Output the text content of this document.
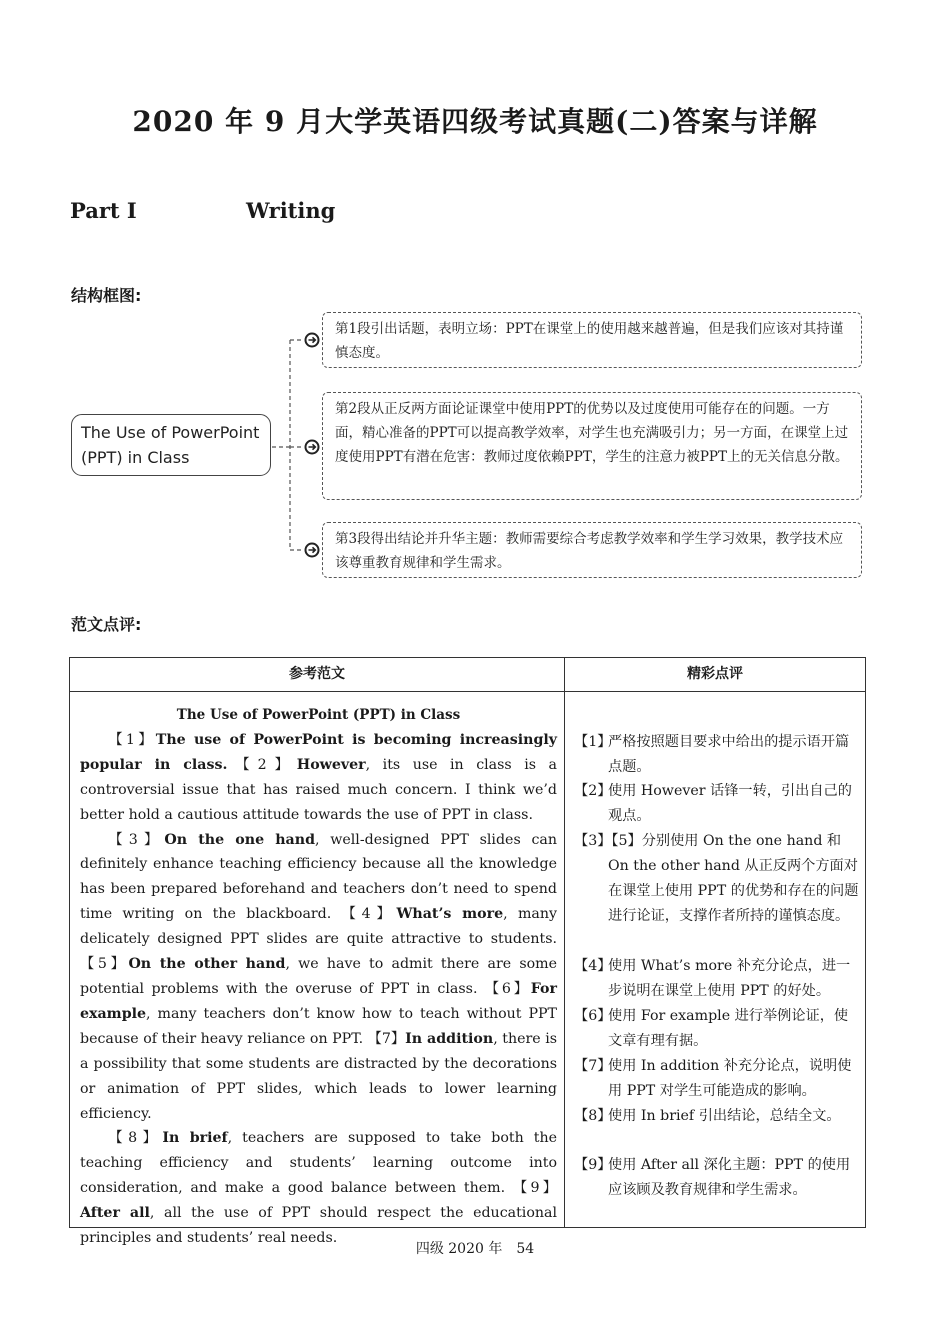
2020 年 9 月大学英语四级考试真题(二)答案与详解
Part Ⅰ	Writing
结构框图:
The Use of PowerPoint
(PPT) in Class
第1段引出话题，表明立场：PPT在课堂上的使用越来越普遍，但是我们应该对其持谨慎态度。
第2段从正反两方面论证课堂中使用PPT的优势以及过度使用可能存在的问题。一方面，精心准备的PPT可以提高教学效率，对学生也充满吸引力；另一方面，在课堂上过度使用PPT有潜在危害：教师过度依赖PPT，学生的注意力被PPT上的无关信息分散。
第3段得出结论并升华主题：教师需要综合考虑教学效率和学生学习效果，教学技术应该尊重教育规律和学生需求。
范文点评:
参考范文	精彩点评
The Use of PowerPoint (PPT) in Class

【1】The use of PowerPoint is becoming increasingly popular in class.【2】However, its use in class is a controversial issue that has raised much concern. I think we’d better hold a cautious attitude towards the use of PPT in class.

【3】On the one hand, well-designed PPT slides can definitely enhance teaching efficiency because all the knowledge has been prepared beforehand and teachers don’t need to spend time writing on the blackboard. 【4】What’s more, many delicately designed PPT slides are quite attractive to students. 【5】On the other hand, we have to admit there are some potential problems with the overuse of PPT in class. 【6】For example, many teachers don’t know how to teach without PPT because of their heavy reliance on PPT. 【7】In addition, there is a possibility that some students are distracted by the decorations or animation of PPT slides, which leads to lower learning efficiency.

【8】In brief, teachers are supposed to take both the teaching efficiency and students’ learning outcome into consideration, and make a good balance between them. 【9】After all, all the use of PPT should respect the educational principles and students’ real needs.

【1】
严格按照题目要求中给出的提示语开篇点题。
【2】
使用 However 话锋一转，引出自己的观点。
【3】【5】分别使用 On the one hand 和 On the other hand 从正反两个方面对在课堂上使用 PPT 的优势和存在的问题进行论证，支撑作者所持的谨慎态度。
【4】
使用 What’s more 补充分论点，进一步说明在课堂上使用 PPT 的好处。
【6】
使用 For example 进行举例论证，使文章有理有据。
【7】
使用 In addition 补充分论点，说明使用 PPT 对学生可能造成的影响。
【8】
使用 In brief 引出结论，总结全文。
【9】
使用 After all 深化主题：PPT 的使用应该顾及教育规律和学生需求。
四级 2020 年　54
